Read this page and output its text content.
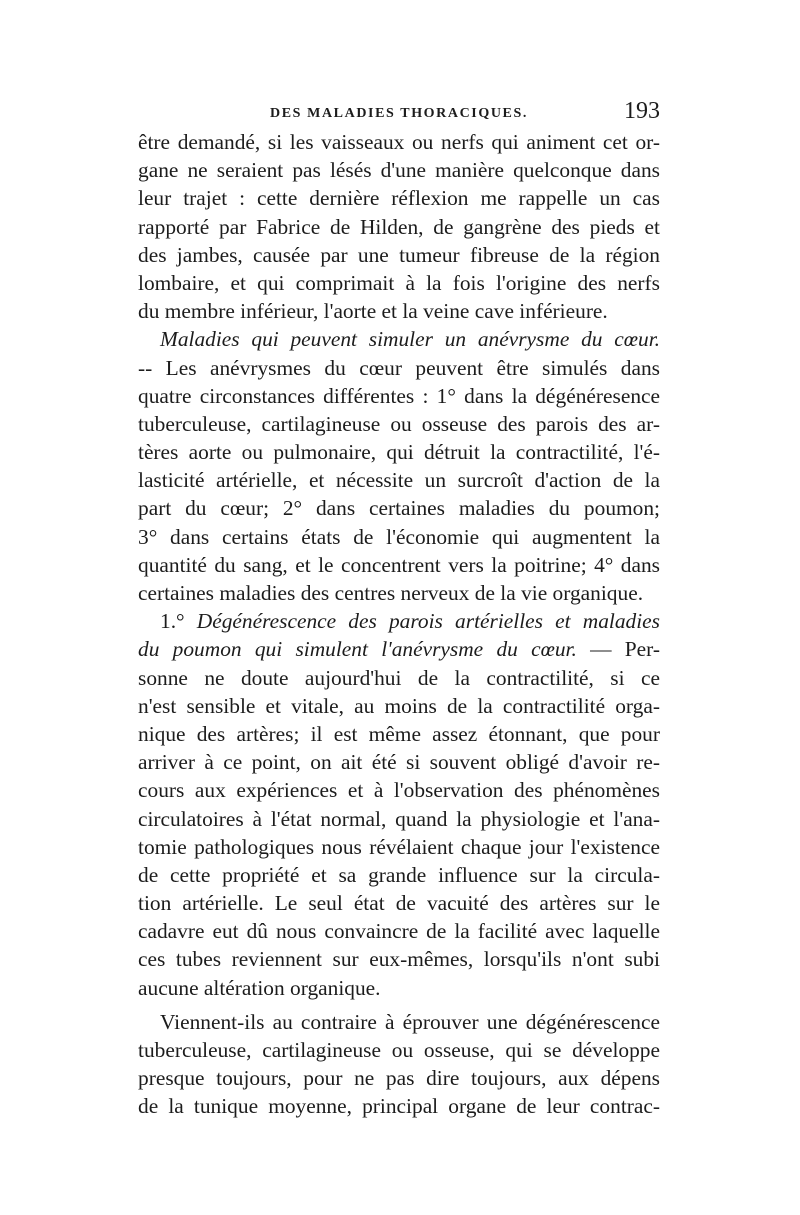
DES MALADIES THORACIQUES.	193
être demandé, si les vaisseaux ou nerfs qui animent cet or-
gane ne seraient pas lésés d'une manière quelconque dans
leur trajet : cette dernière réflexion me rappelle un cas
rapporté par Fabrice de Hilden, de gangrène des pieds et
des jambes, causée par une tumeur fibreuse de la région
lombaire, et qui comprimait à la fois l'origine des nerfs
du membre inférieur, l'aorte et la veine cave inférieure.
Maladies qui peuvent simuler un anévrysme du cœur.
-- Les anévrysmes du cœur peuvent être simulés dans
quatre circonstances différentes : 1° dans la dégénéresence
tuberculeuse, cartilagineuse ou osseuse des parois des ar-
tères aorte ou pulmonaire, qui détruit la contractilité, l'é-
lasticité artérielle, et nécessite un surcroît d'action de la
part du cœur; 2° dans certaines maladies du poumon;
3° dans certains états de l'économie qui augmentent la
quantité du sang, et le concentrent vers la poitrine; 4° dans
certaines maladies des centres nerveux de la vie organique.
1.° Dégénérescence des parois artérielles et maladies
du poumon qui simulent l'anévrysme du cœur. — Per-
sonne ne doute aujourd'hui de la contractilité, si ce
n'est sensible et vitale, au moins de la contractilité orga-
nique des artères; il est même assez étonnant, que pour
arriver à ce point, on ait été si souvent obligé d'avoir re-
cours aux expériences et à l'observation des phénomènes
circulatoires à l'état normal, quand la physiologie et l'ana-
tomie pathologiques nous révélaient chaque jour l'existence
de cette propriété et sa grande influence sur la circula-
tion artérielle. Le seul état de vacuité des artères sur le
cadavre eut dû nous convaincre de la facilité avec laquelle
ces tubes reviennent sur eux-mêmes, lorsqu'ils n'ont subi
aucune altération organique.
Viennent-ils au contraire à éprouver une dégénérescence
tuberculeuse, cartilagineuse ou osseuse, qui se développe
presque toujours, pour ne pas dire toujours, aux dépens
de la tunique moyenne, principal organe de leur contrac-
